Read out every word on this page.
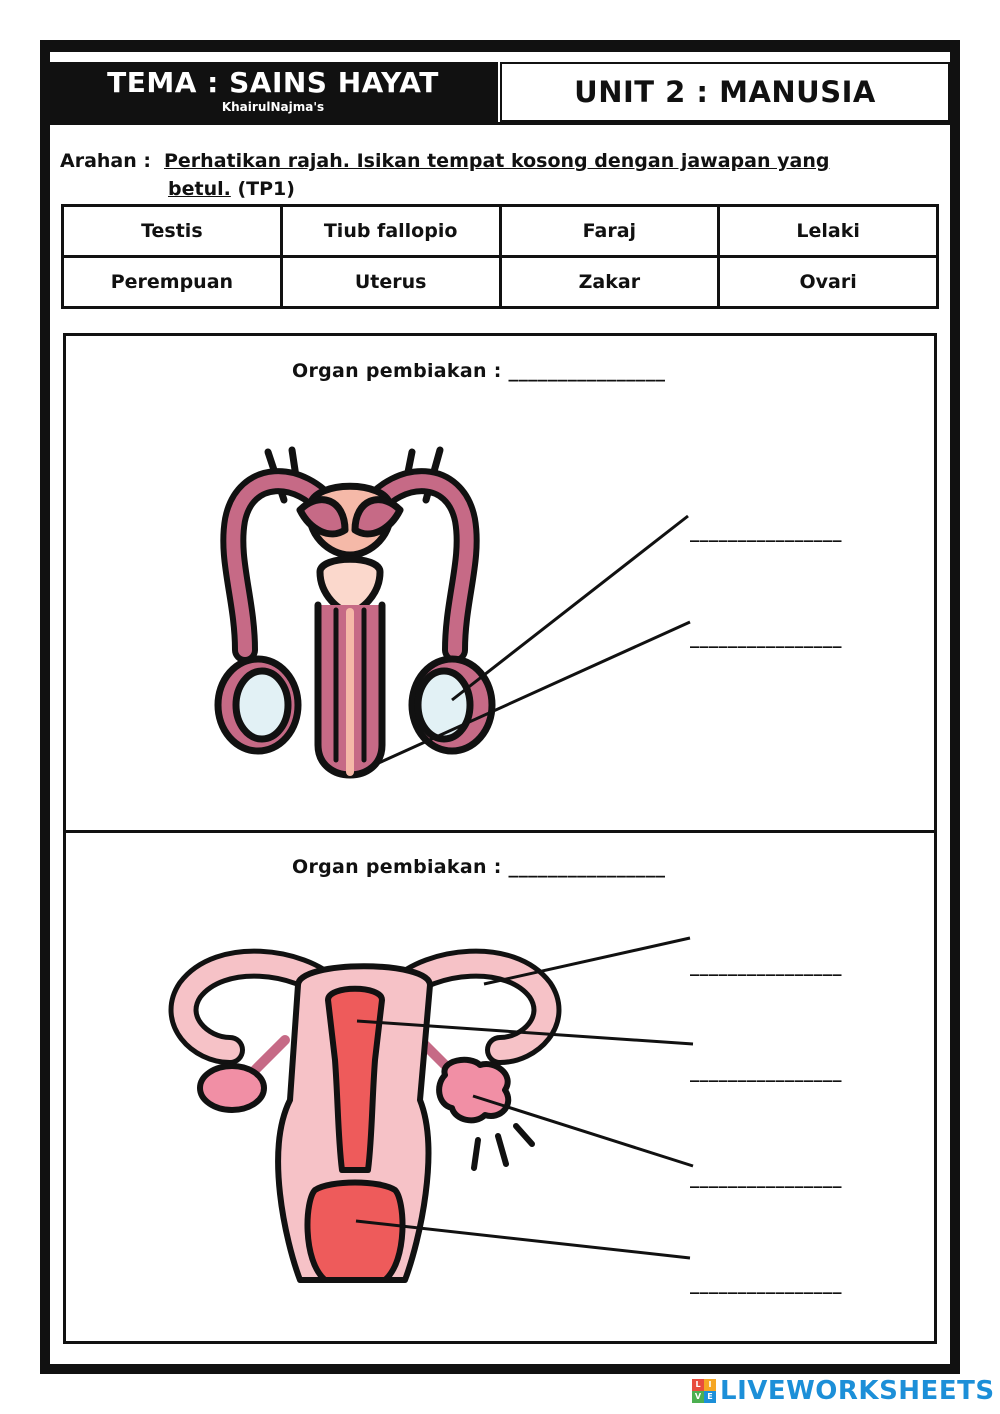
TEMA : SAINS HAYAT
KhairulNajma's	UNIT 2 : MANUSIA
Arahan : Perhatikan rajah. Isikan tempat kosong dengan jawapan yang
betul. (TP1)
Testis	Tiub fallopio	Faraj	Lelaki
Perempuan	Uterus	Zakar	Ovari
Organ pembiakan : ________________
Organ pembiakan : ________________
________________
________________
________________
________________
________________
________________
L I
V E LIVEWORKSHEETS
